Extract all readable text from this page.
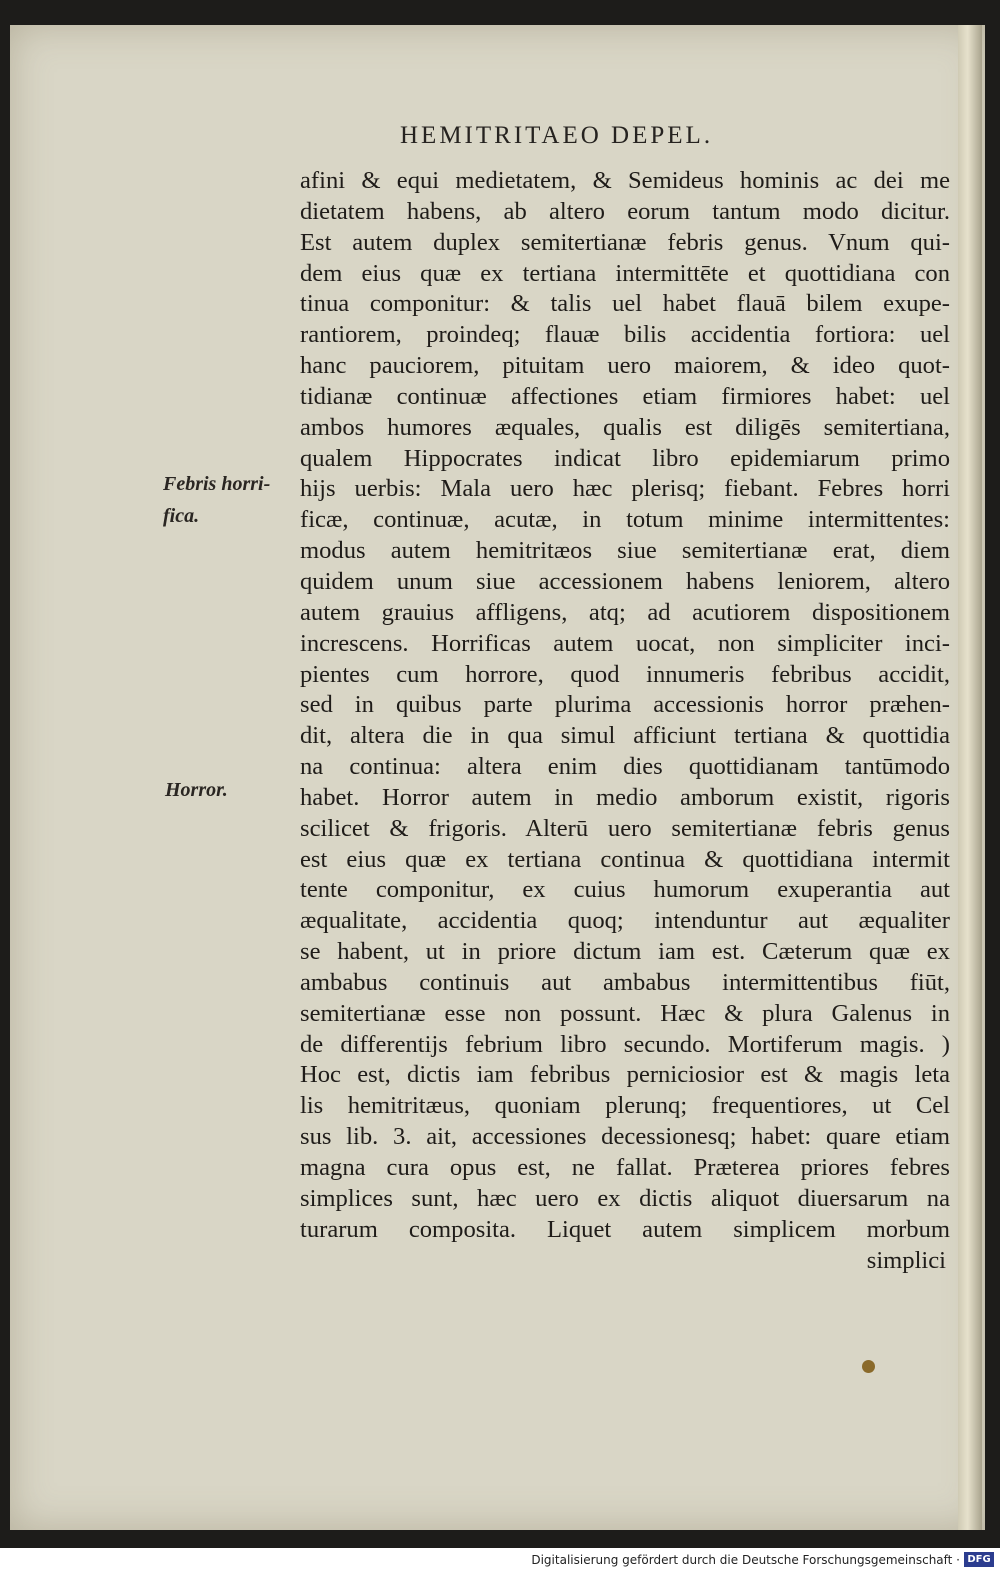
HEMITRITAEO DEPEL.
Febris horri-
fica.
Horror.
afini & equi medietatem, & Semideus hominis ac dei me
dietatem habens, ab altero eorum tantum modo dicitur.
Est autem duplex semitertianæ febris genus. Vnum qui-
dem eius quæ ex tertiana intermittēte et quottidiana con
tinua componitur: & talis uel habet flauā bilem exupe-
rantiorem, proindeq; flauæ bilis accidentia fortiora: uel
hanc pauciorem, pituitam uero maiorem, & ideo quot-
tidianæ continuæ affectiones etiam firmiores habet: uel
ambos humores æquales, qualis est diligēs semitertiana,
qualem Hippocrates indicat libro epidemiarum primo
hijs uerbis: Mala uero hæc plerisq; fiebant. Febres horri
ficæ, continuæ, acutæ, in totum minime intermittentes:
modus autem hemitritæos siue semitertianæ erat, diem
quidem unum siue accessionem habens leniorem, altero
autem grauius affligens, atq; ad acutiorem dispositionem
increscens. Horrificas autem uocat, non simpliciter inci-
pientes cum horrore, quod innumeris febribus accidit,
sed in quibus parte plurima accessionis horror præhen-
dit, altera die in qua simul afficiunt tertiana & quottidia
na continua: altera enim dies quottidianam tantūmodo
habet. Horror autem in medio amborum existit, rigoris
scilicet & frigoris. Alterū uero semitertianæ febris genus
est eius quæ ex tertiana continua & quottidiana intermit
tente componitur, ex cuius humorum exuperantia aut
æqualitate, accidentia quoq; intenduntur aut æqualiter
se habent, ut in priore dictum iam est. Cæterum quæ ex
ambabus continuis aut ambabus intermittentibus fiūt,
semitertianæ esse non possunt. Hæc & plura Galenus in
de differentijs febrium libro secundo. Mortiferum magis. )
Hoc est, dictis iam febribus perniciosior est & magis leta
lis hemitritæus, quoniam plerunq; frequentiores, ut Cel
sus lib. 3. ait, accessiones decessionesq; habet: quare etiam
magna cura opus est, ne fallat. Præterea priores febres
simplices sunt, hæc uero ex dictis aliquot diuersarum na
turarum composita. Liquet autem simplicem morbum
simplici
Digitalisierung gefördert durch die Deutsche Forschungsgemeinschaft · DFG
